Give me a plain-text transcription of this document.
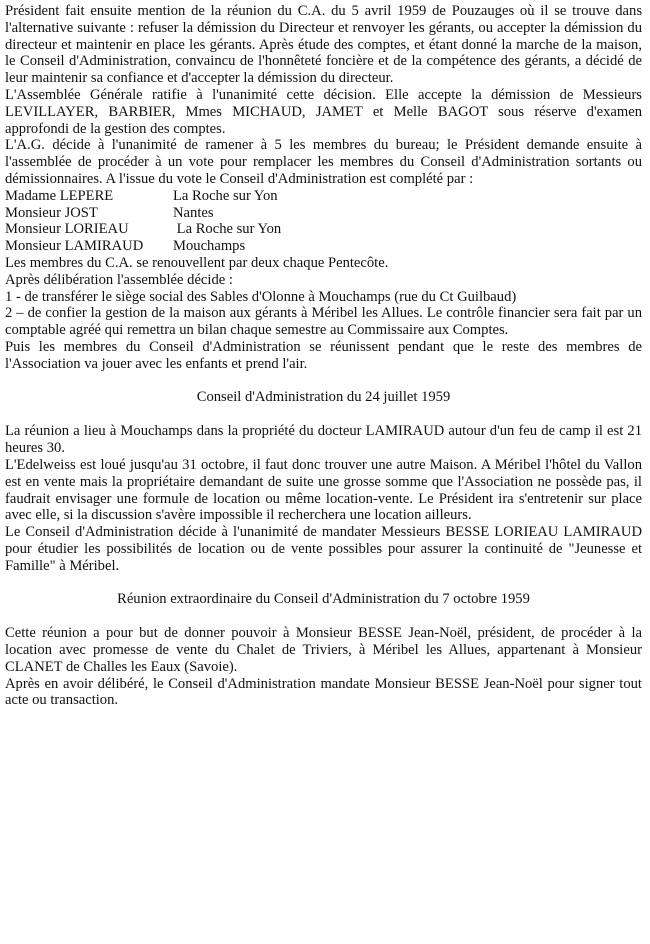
Président fait ensuite mention de la réunion du C.A. du 5 avril 1959 de Pouzauges où il se trouve dans l'alternative suivante : refuser la démission du Directeur et renvoyer les gérants, ou accepter la démission du directeur et maintenir en place les gérants. Après étude des comptes, et étant donné la marche de la maison, le Conseil d'Administration, convaincu de l'honnêteté foncière et de la compétence des gérants, a décidé de leur maintenir sa confiance et d'accepter la démission du directeur.

L'Assemblée Générale ratifie à l'unanimité cette décision. Elle accepte la démission de Messieurs LEVILLAYER, BARBIER, Mmes MICHAUD, JAMET et Melle BAGOT sous réserve d'examen approfondi de la gestion des comptes.

L'A.G. décide à l'unanimité de ramener à 5 les membres du bureau; le Président demande ensuite à l'assemblée de procéder à un vote pour remplacer les membres du Conseil d'Administration sortants ou démissionnaires. A l'issue du vote le Conseil d'Administration est complété par :

Madame LEPERE	La Roche sur Yon
Monsieur JOST	Nantes
Monsieur LORIEAU	La Roche sur Yon
Monsieur LAMIRAUD	Mouchamps

Les membres du C.A. se renouvellent par deux chaque Pentecôte.

Après délibération l'assemblée décide :

1 - de transférer le siège social des Sables d'Olonne à Mouchamps (rue du Ct Guilbaud)

2 – de confier la gestion de la maison aux gérants à Méribel les Allues. Le contrôle financier sera fait par un comptable agréé qui remettra un bilan chaque semestre au Commissaire aux Comptes.

Puis les membres du Conseil d'Administration se réunissent pendant que le reste des membres de l'Association va jouer avec les enfants et prend l'air.

Conseil d'Administration du 24 juillet 1959

La réunion a lieu à Mouchamps dans la propriété du docteur LAMIRAUD autour d'un feu de camp il est 21 heures 30.

L'Edelweiss est loué jusqu'au 31 octobre, il faut donc trouver une autre Maison. A Méribel l'hôtel du Vallon est en vente mais la propriétaire demandant de suite une grosse somme que l'Association ne possède pas, il faudrait envisager une formule de location ou même location-vente. Le Président ira s'entretenir sur place avec elle, si la discussion s'avère impossible il recherchera une location ailleurs.

Le Conseil d'Administration décide à l'unanimité de mandater Messieurs BESSE LORIEAU LAMIRAUD pour étudier les possibilités de location ou de vente possibles pour assurer la continuité de "Jeunesse et Famille" à Méribel.

Réunion extraordinaire du Conseil d'Administration du 7 octobre 1959

Cette réunion a pour but de donner pouvoir à Monsieur BESSE Jean-Noël, président, de procéder à la location avec promesse de vente du Chalet de Triviers, à Méribel les Allues, appartenant à Monsieur CLANET de Challes les Eaux (Savoie).

Après en avoir délibéré, le Conseil d'Administration mandate Monsieur BESSE Jean-Noël pour signer tout acte ou transaction.
